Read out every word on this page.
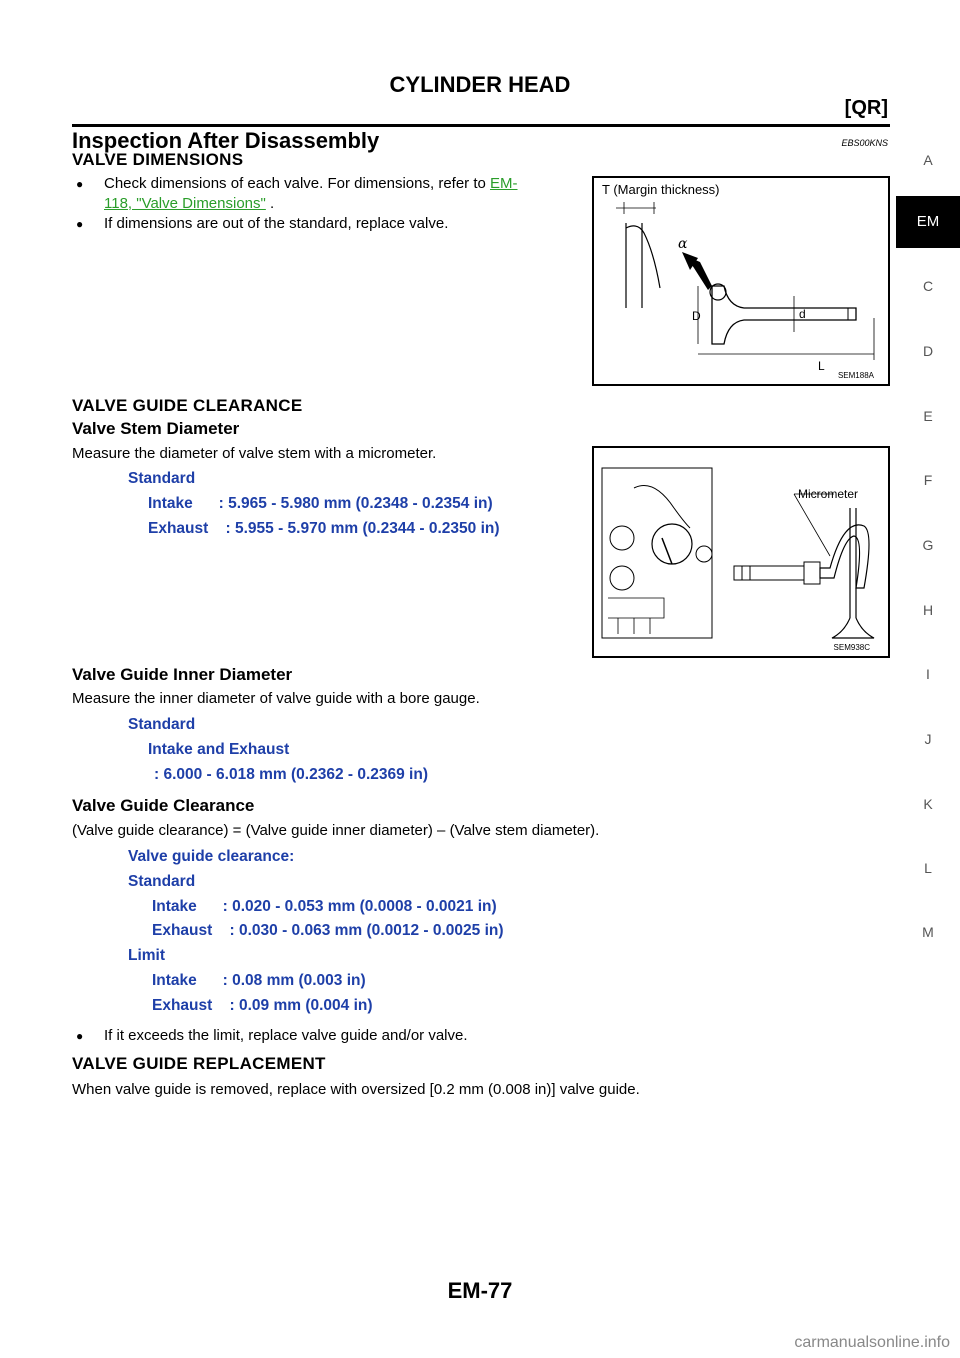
CYLINDER HEAD
[QR]
Inspection After Disassembly	EBS00KNS
VALVE DIMENSIONS
●	Check dimensions of each valve. For dimensions, refer to EM-
118, "Valve Dimensions" .
●	If dimensions are out of the standard, replace valve.
T (Margin thickness)
α
D	d
L
SEM188A
VALVE GUIDE CLEARANCE
Valve Stem Diameter
Measure the diameter of valve stem with a micrometer.
Standard
Intake      : 5.965 - 5.980 mm (0.2348 - 0.2354 in)
Exhaust    : 5.955 - 5.970 mm (0.2344 - 0.2350 in)
Micrometer
SEM938C
Valve Guide Inner Diameter
Measure the inner diameter of valve guide with a bore gauge.
Standard
Intake and Exhaust
: 6.000 - 6.018 mm (0.2362 - 0.2369 in)
Valve Guide Clearance
(Valve guide clearance) = (Valve guide inner diameter) – (Valve stem diameter).
Valve guide clearance:
Standard
Intake      : 0.020 - 0.053 mm (0.0008 - 0.0021 in)
Exhaust    : 0.030 - 0.063 mm (0.0012 - 0.0025 in)
Limit
Intake      : 0.08 mm (0.003 in)
Exhaust    : 0.09 mm (0.004 in)
●	If it exceeds the limit, replace valve guide and/or valve.
VALVE GUIDE REPLACEMENT
When valve guide is removed, replace with oversized [0.2 mm (0.008 in)] valve guide.
A
EM
C
D
E
F
G
H
I
J
K
L
M
EM-77
carmanualsonline.info
